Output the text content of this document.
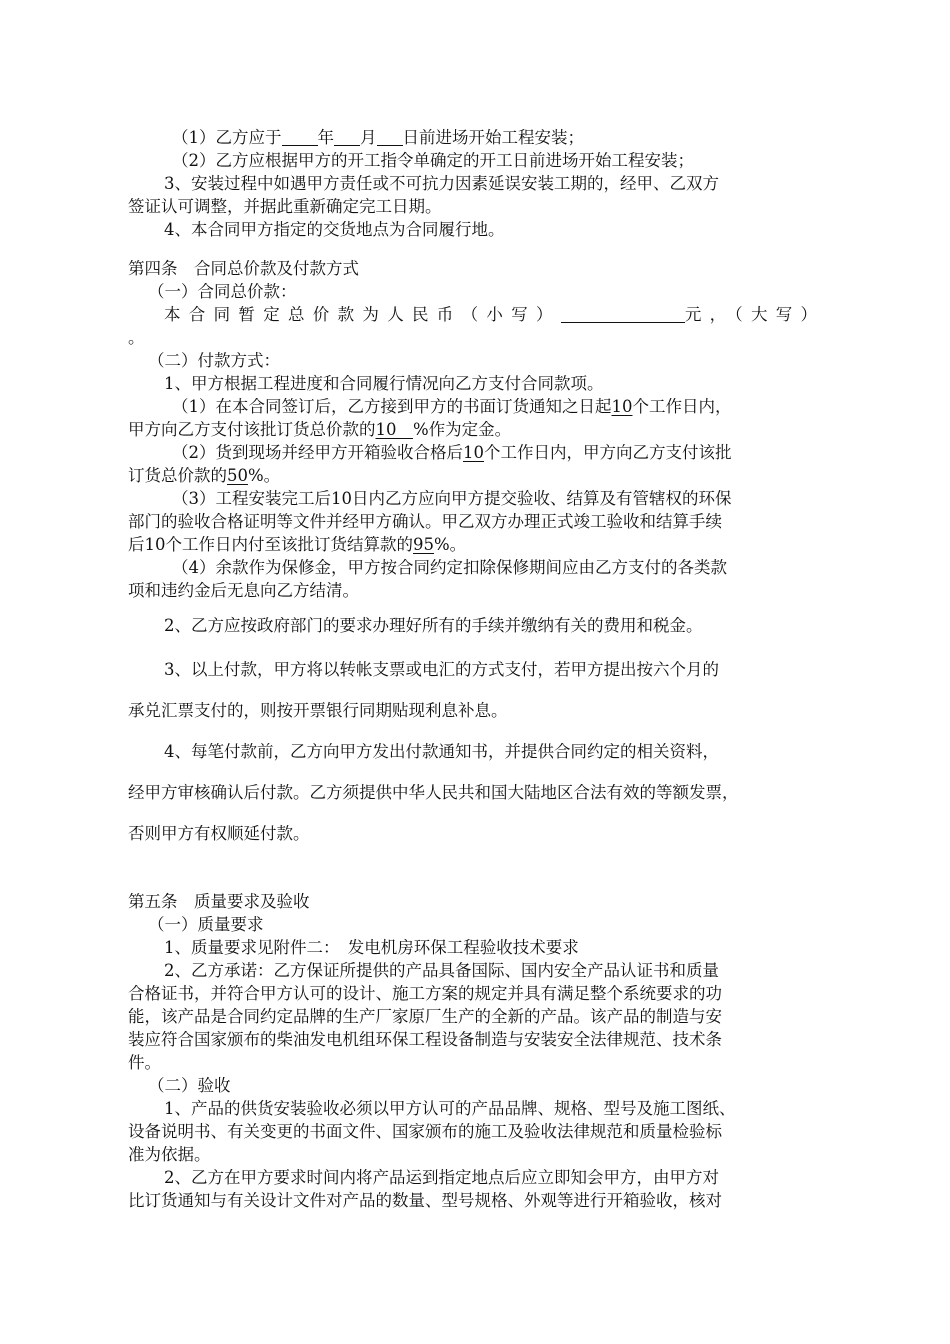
（1）乙方应于 年 月 日前进场开始工程安装；

（2）乙方应根据甲方的开工指令单确定的开工日前进场开始工程安装；

3、安装过程中如遇甲方责任或不可抗力因素延误安装工期的，经甲、乙双方

签证认可调整，并据此重新确定完工日期。

4、本合同甲方指定的交货地点为合同履行地。

第四条　合同总价款及付款方式

（一）合同总价款：

本合同暂定总价款为人民币（小写）	元，（大写）

。

（二）付款方式：

1、甲方根据工程进度和合同履行情况向乙方支付合同款项。

（1）在本合同签订后，乙方接到甲方的书面订货通知之日起10个工作日内，

甲方向乙方支付该批订货总价款的10　%作为定金。

（2）货到现场并经甲方开箱验收合格后10个工作日内，甲方向乙方支付该批

订货总价款的50%。

（3）工程安装完工后10日内乙方应向甲方提交验收、结算及有管辖权的环保

部门的验收合格证明等文件并经甲方确认。甲乙双方办理正式竣工验收和结算手续

后10个工作日内付至该批订货结算款的95%。

（4）余款作为保修金，甲方按合同约定扣除保修期间应由乙方支付的各类款

项和违约金后无息向乙方结清。

2、乙方应按政府部门的要求办理好所有的手续并缴纳有关的费用和税金。

3、以上付款，甲方将以转帐支票或电汇的方式支付，若甲方提出按六个月的

承兑汇票支付的，则按开票银行同期贴现利息补息。

4、每笔付款前，乙方向甲方发出付款通知书，并提供合同约定的相关资料，

经甲方审核确认后付款。乙方须提供中华人民共和国大陆地区合法有效的等额发票，

否则甲方有权顺延付款。

第五条　质量要求及验收

（一）质量要求

1、质量要求见附件二：　发电机房环保工程验收技术要求

2、乙方承诺：乙方保证所提供的产品具备国际、国内安全产品认证书和质量

合格证书，并符合甲方认可的设计、施工方案的规定并具有满足整个系统要求的功

能，该产品是合同约定品牌的生产厂家原厂生产的全新的产品。该产品的制造与安

装应符合国家颁布的柴油发电机组环保工程设备制造与安装安全法律规范、技术条

件。

（二）验收

1、产品的供货安装验收必须以甲方认可的产品品牌、规格、型号及施工图纸、

设备说明书、有关变更的书面文件、国家颁布的施工及验收法律规范和质量检验标

准为依据。

2、乙方在甲方要求时间内将产品运到指定地点后应立即知会甲方，由甲方对

比订货通知与有关设计文件对产品的数量、型号规格、外观等进行开箱验收，核对
